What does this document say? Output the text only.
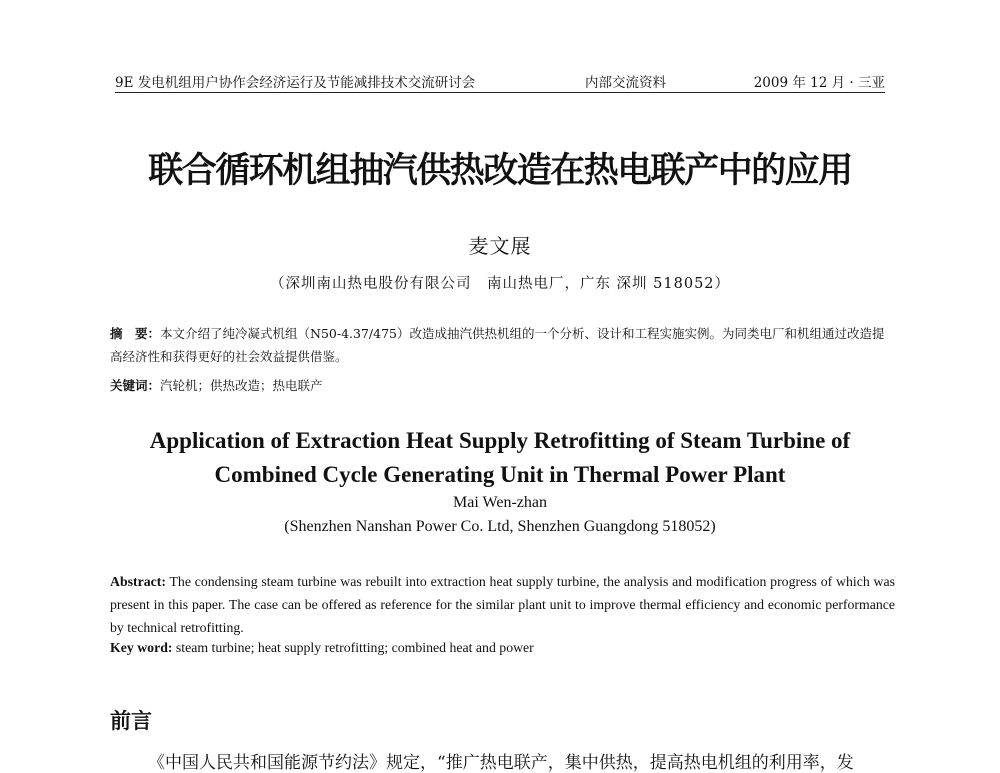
9E 发电机组用户协作会经济运行及节能减排技术交流研讨会	内部交流资料	2009 年 12 月 · 三亚
联合循环机组抽汽供热改造在热电联产中的应用
麦文展
（深圳南山热电股份有限公司　南山热电厂，广东 深圳 518052）

摘　要：本文介绍了纯冷凝式机组（N50-4.37/475）改造成抽汽供热机组的一个分析、设计和工程实施实例。为同类电厂和机组通过改造提高经济性和获得更好的社会效益提供借鉴。

关键词：汽轮机；供热改造；热电联产
Application of Extraction Heat Supply Retrofitting of Steam Turbine of
Combined Cycle Generating Unit in Thermal Power Plant
Mai Wen-zhan
(Shenzhen Nanshan Power Co. Ltd, Shenzhen Guangdong 518052)
Abstract: The condensing steam turbine was rebuilt into extraction heat supply turbine, the analysis and modification progress of which was present in this paper. The case can be offered as reference for the similar plant unit to improve thermal efficiency and economic performance by technical retrofitting.
Key word: steam turbine; heat supply retrofitting; combined heat and power
前言
《中国人民共和国能源节约法》规定，“推广热电联产，集中供热，提高热电机组的利用率，发
